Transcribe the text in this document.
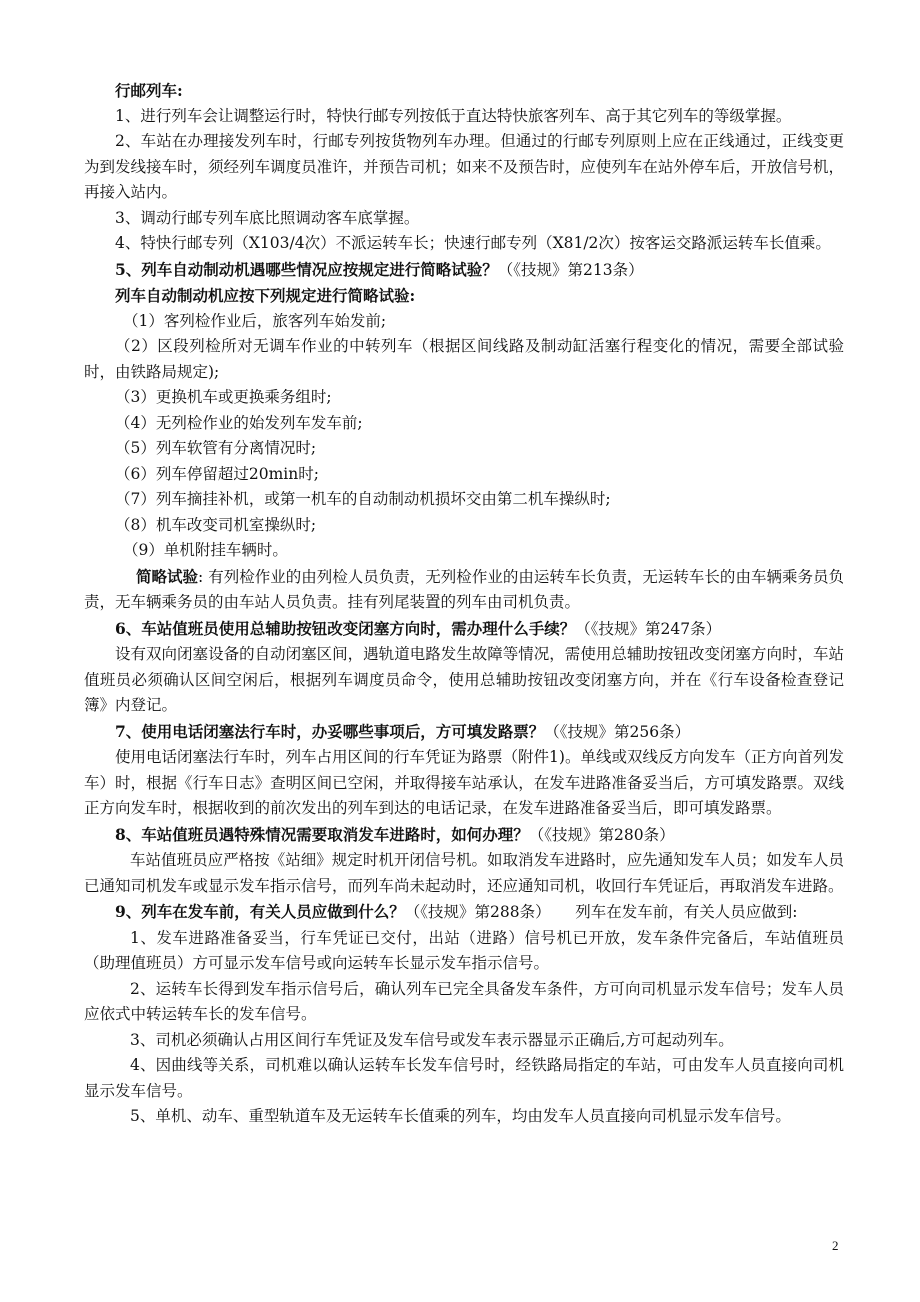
行邮列车:

1、进行列车会让调整运行时，特快行邮专列按低于直达特快旅客列车、高于其它列车的等级掌握。

2、车站在办理接发列车时，行邮专列按货物列车办理。但通过的行邮专列原则上应在正线通过，正线变更为到发线接车时，须经列车调度员准许，并预告司机；如来不及预告时，应使列车在站外停车后，开放信号机，再接入站内。

3、调动行邮专列车底比照调动客车底掌握。

4、特快行邮专列（X103/4次）不派运转车长；快速行邮专列（X81/2次）按客运交路派运转车长值乘。

5、列车自动制动机遇哪些情况应按规定进行简略试验？（《技规》第213条）

列车自动制动机应按下列规定进行简略试验:

（1）客列检作业后，旅客列车始发前;

（2）区段列检所对无调车作业的中转列车（根据区间线路及制动缸活塞行程变化的情况，需要全部试验时，由铁路局规定);

（3）更换机车或更换乘务组时;

（4）无列检作业的始发列车发车前;

（5）列车软管有分离情况时;

（6）列车停留超过20min时;

（7）列车摘挂补机，或第一机车的自动制动机损坏交由第二机车操纵时;

（8）机车改变司机室操纵时;

（9）单机附挂车辆时。

简略试验: 有列检作业的由列检人员负责，无列检作业的由运转车长负责，无运转车长的由车辆乘务员负责，无车辆乘务员的由车站人员负责。挂有列尾装置的列车由司机负责。

6、车站值班员使用总辅助按钮改变闭塞方向时，需办理什么手续？（《技规》第247条）

设有双向闭塞设备的自动闭塞区间，遇轨道电路发生故障等情况，需使用总辅助按钮改变闭塞方向时，车站值班员必须确认区间空闲后，根据列车调度员命令，使用总辅助按钮改变闭塞方向，并在《行车设备检查登记簿》内登记。

7、使用电话闭塞法行车时，办妥哪些事项后，方可填发路票？（《技规》第256条）

使用电话闭塞法行车时，列车占用区间的行车凭证为路票（附件1)。单线或双线反方向发车（正方向首列发车）时，根据《行车日志》查明区间已空闲，并取得接车站承认，在发车进路准备妥当后，方可填发路票。双线正方向发车时，根据收到的前次发出的列车到达的电话记录，在发车进路准备妥当后，即可填发路票。

8、车站值班员遇特殊情况需要取消发车进路时，如何办理？（《技规》第280条）

车站值班员应严格按《站细》规定时机开闭信号机。如取消发车进路时，应先通知发车人员；如发车人员已通知司机发车或显示发车指示信号，而列车尚未起动时，还应通知司机，收回行车凭证后，再取消发车进路。

9、列车在发车前，有关人员应做到什么？（《技规》第288条） 列车在发车前，有关人员应做到:

1、发车进路准备妥当，行车凭证已交付，出站（进路）信号机已开放，发车条件完备后，车站值班员（助理值班员）方可显示发车信号或向运转车长显示发车指示信号。

2、运转车长得到发车指示信号后，确认列车已完全具备发车条件，方可向司机显示发车信号；发车人员应依式中转运转车长的发车信号。

3、司机必须确认占用区间行车凭证及发车信号或发车表示器显示正确后,方可起动列车。

4、因曲线等关系，司机难以确认运转车长发车信号时，经铁路局指定的车站，可由发车人员直接向司机显示发车信号。

5、单机、动车、重型轨道车及无运转车长值乘的列车，均由发车人员直接向司机显示发车信号。

2
